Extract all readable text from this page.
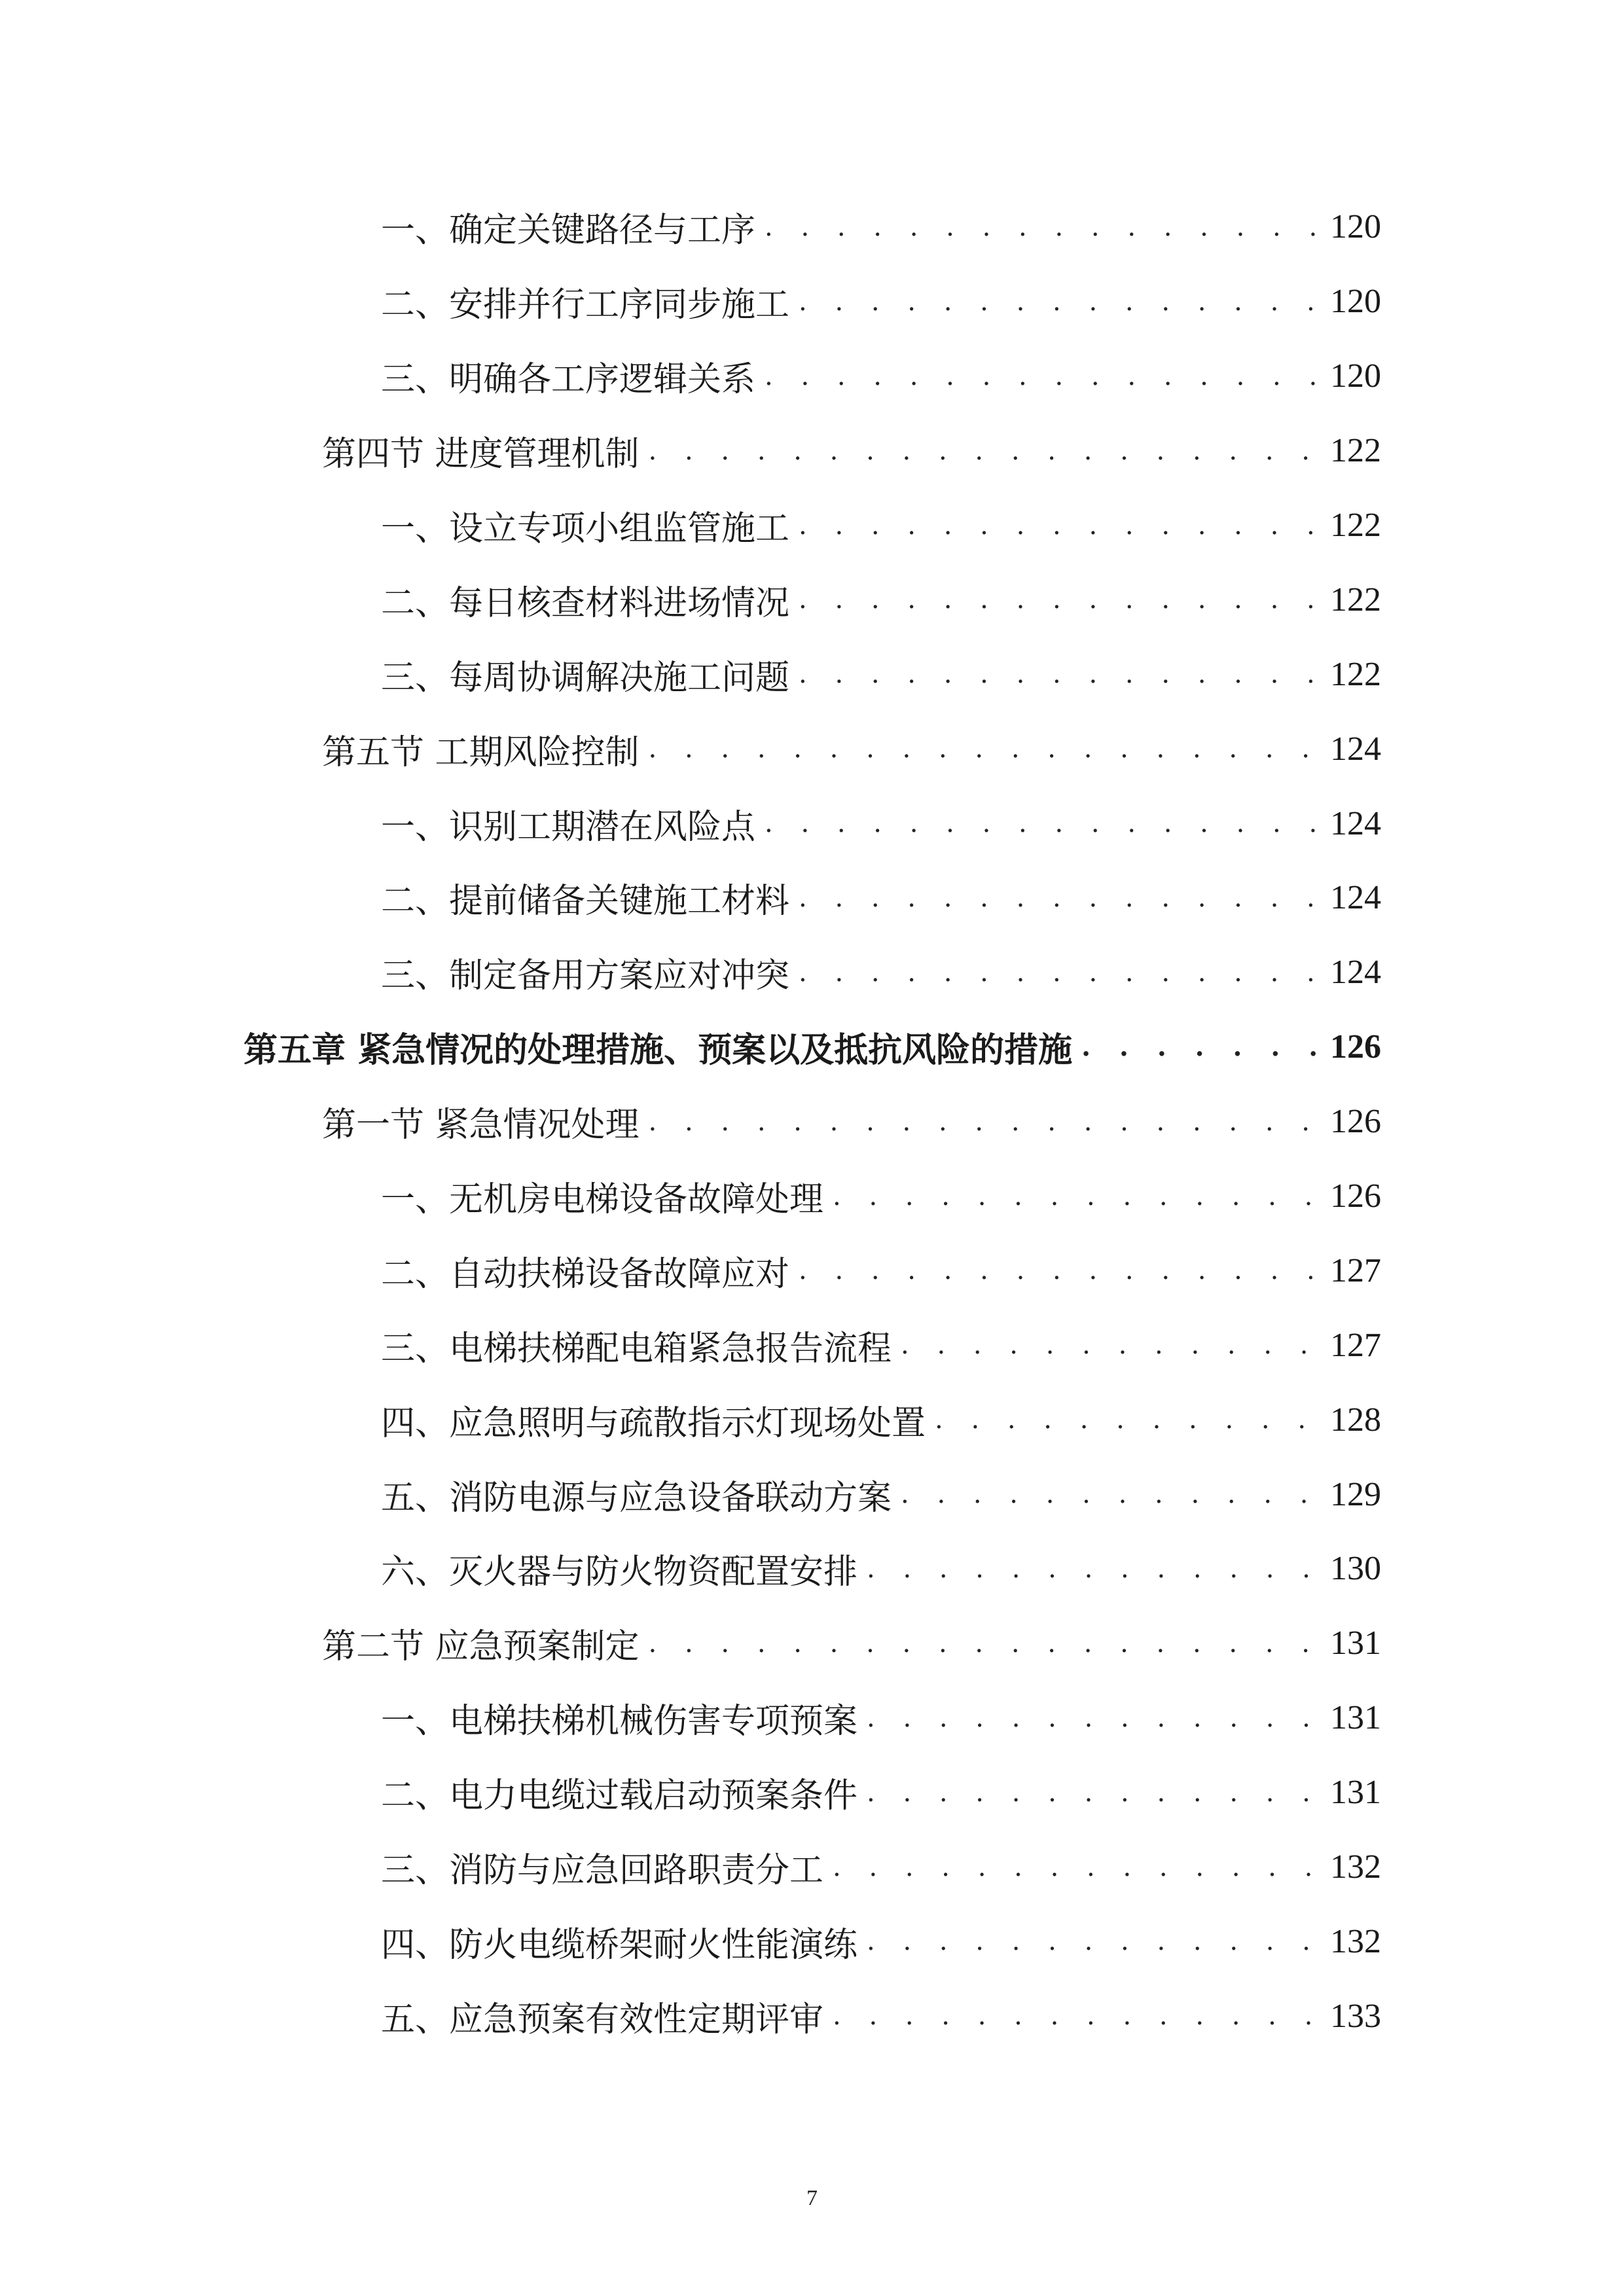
一、确定关键路径与工序 . . .	120
二、安排并行工序同步施工 . . .	120
三、明确各工序逻辑关系 . . .	120
第四节 进度管理机制 . . .	122
一、设立专项小组监管施工 . . .	122
二、每日核查材料进场情况 . . .	122
三、每周协调解决施工问题 . . .	122
第五节 工期风险控制 . . .	124
一、识别工期潜在风险点 . . .	124
二、提前储备关键施工材料 . . .	124
三、制定备用方案应对冲突 . . .	124
第五章 紧急情况的处理措施、预案以及抵抗风险的措施 . . .	126
第一节 紧急情况处理 . . .	126
一、无机房电梯设备故障处理 . . .	126
二、自动扶梯设备故障应对 . . .	127
三、电梯扶梯配电箱紧急报告流程 . . .	127
四、应急照明与疏散指示灯现场处置 . . .	128
五、消防电源与应急设备联动方案 . . .	129
六、灭火器与防火物资配置安排 . . .	130
第二节 应急预案制定 . . .	131
一、电梯扶梯机械伤害专项预案 . . .	131
二、电力电缆过载启动预案条件 . . .	131
三、消防与应急回路职责分工 . . .	132
四、防火电缆桥架耐火性能演练 . . .	132
五、应急预案有效性定期评审 . . .	133
7
